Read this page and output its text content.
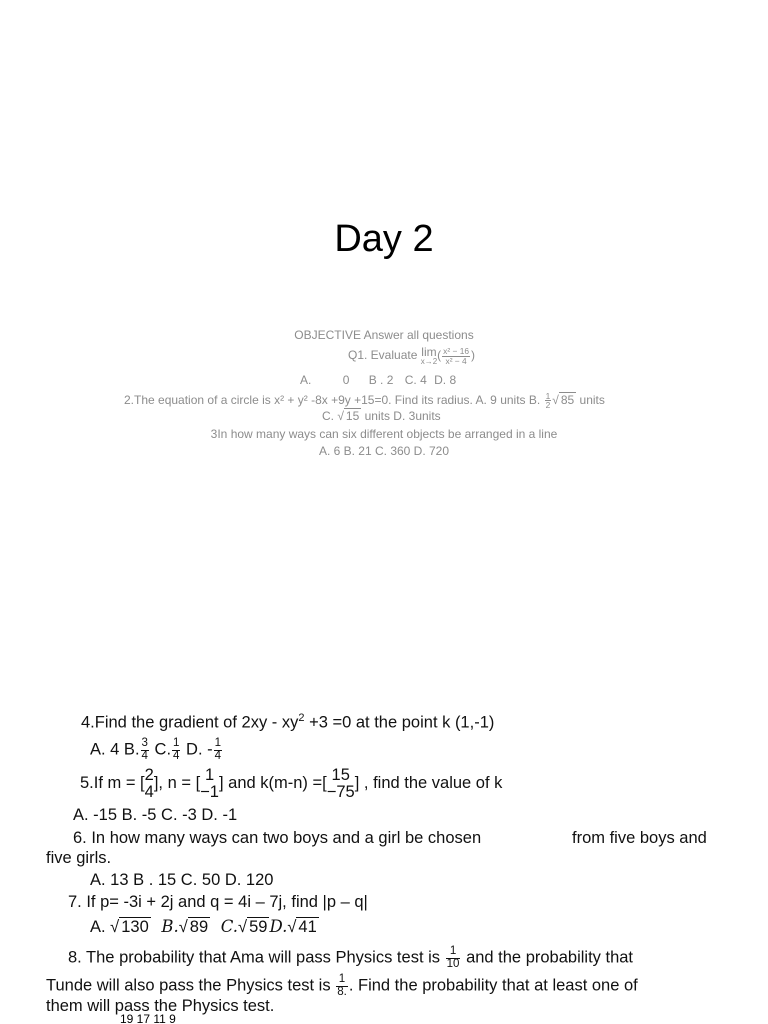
Day 2
OBJECTIVE Answer all questions
Q1. Evaluate lim
x→2 ( $\frac{\text{x² − 16}}{\text{x² − 4}}$ )
A.	0 B . 2 C. 4 D. 8
2.The equation of a circle is x² + y² -8x +9y +15=0. Find its radius. A. 9 units B. $\frac{1}{2}$ √ 85 units
C. √ 15 units D. 3units
3In how many ways can six different objects be arranged in a line
A. 6 B. 21 C. 360 D. 720
4.Find the gradient of $2xy - xy^2 +3 =0$ at the point k (1,-1)
A. 4 B. $\frac{3}{4} C$. $\frac{1}{4} D$. - $\frac{1}{4}$
5.If m = [ 2
4 ], n = [ 1
−1 ] and k(m-n) =[ 15
−75 ] , find the value of k
A. -15 B. -5 C. -3 D. -1
6. In how many ways can two boys and a girl be chosen	from five boys and
five girls.
A. 13 B . 15 C. 50 D. 120
7. If p= -3i + 2j and q = 4i – 7j, find |p – q|
A. √ 130 B.√ 89 C.√ 59 D.√ 41
8. The probability that Ama will pass Physics test is $\frac{1}{10}$ and the probability that
Tunde will also pass the Physics test is $\frac{1}{8.}$ . Find the probability that at least one of
them will pass the Physics test.
19 17 11 9
